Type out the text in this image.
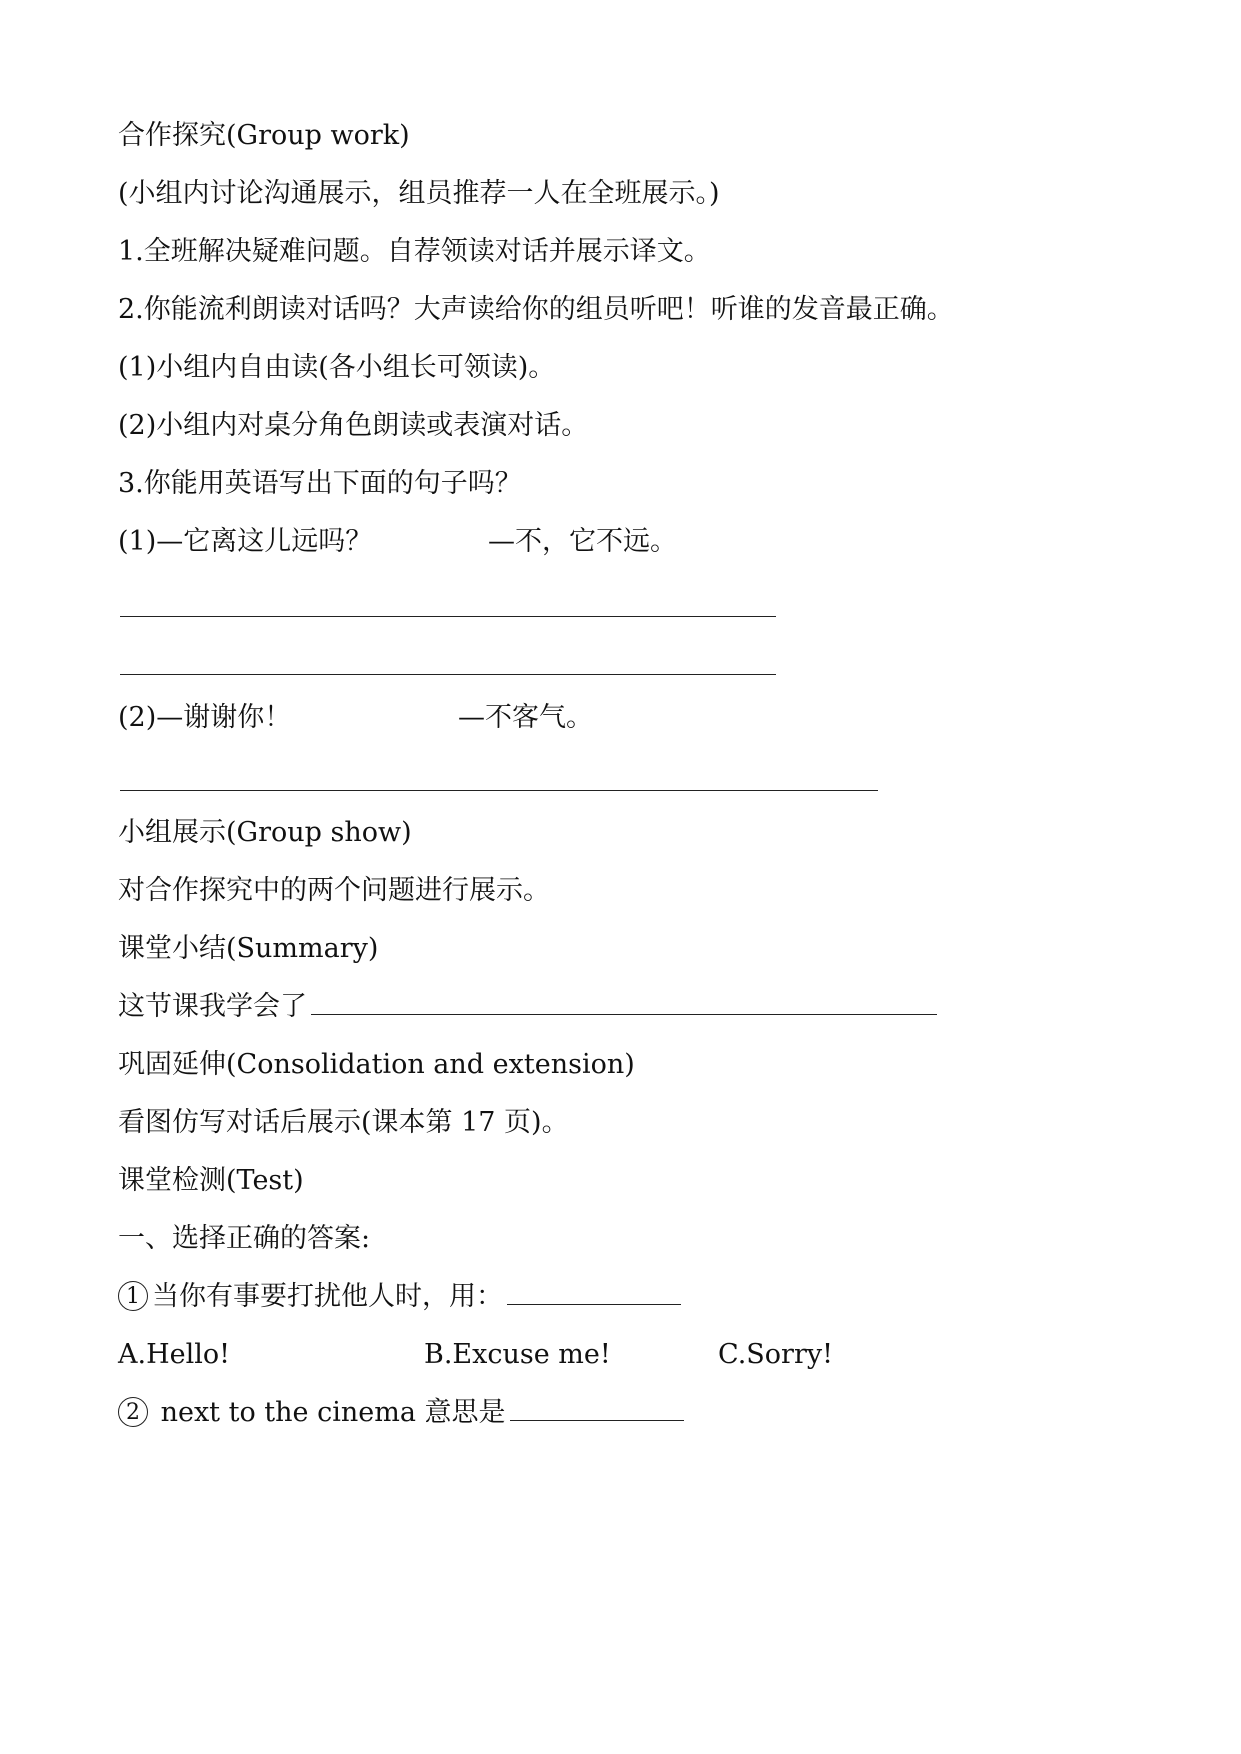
合作探究(Group work)
(小组内讨论沟通展示，组员推荐一人在全班展示。)
1.全班解决疑难问题。自荐领读对话并展示译文。
2.你能流利朗读对话吗？大声读给你的组员听吧！听谁的发音最正确。
(1)小组内自由读(各小组长可领读)。
(2)小组内对桌分角色朗读或表演对话。
3.你能用英语写出下面的句子吗？
(1)—它离这儿远吗？	—不，它不远。
(2)—谢谢你！	—不客气。
小组展示(Group show)
对合作探究中的两个问题进行展示。
课堂小结(Summary)
这节课我学会了
巩固延伸(Consolidation and extension)
看图仿写对话后展示(课本第 17 页)。
课堂检测(Test)
一、选择正确的答案:
1 当你有事要打扰他人时，用：
A.Hello!	B.Excuse me!	C.Sorry!
2 next to the cinema 意思是
